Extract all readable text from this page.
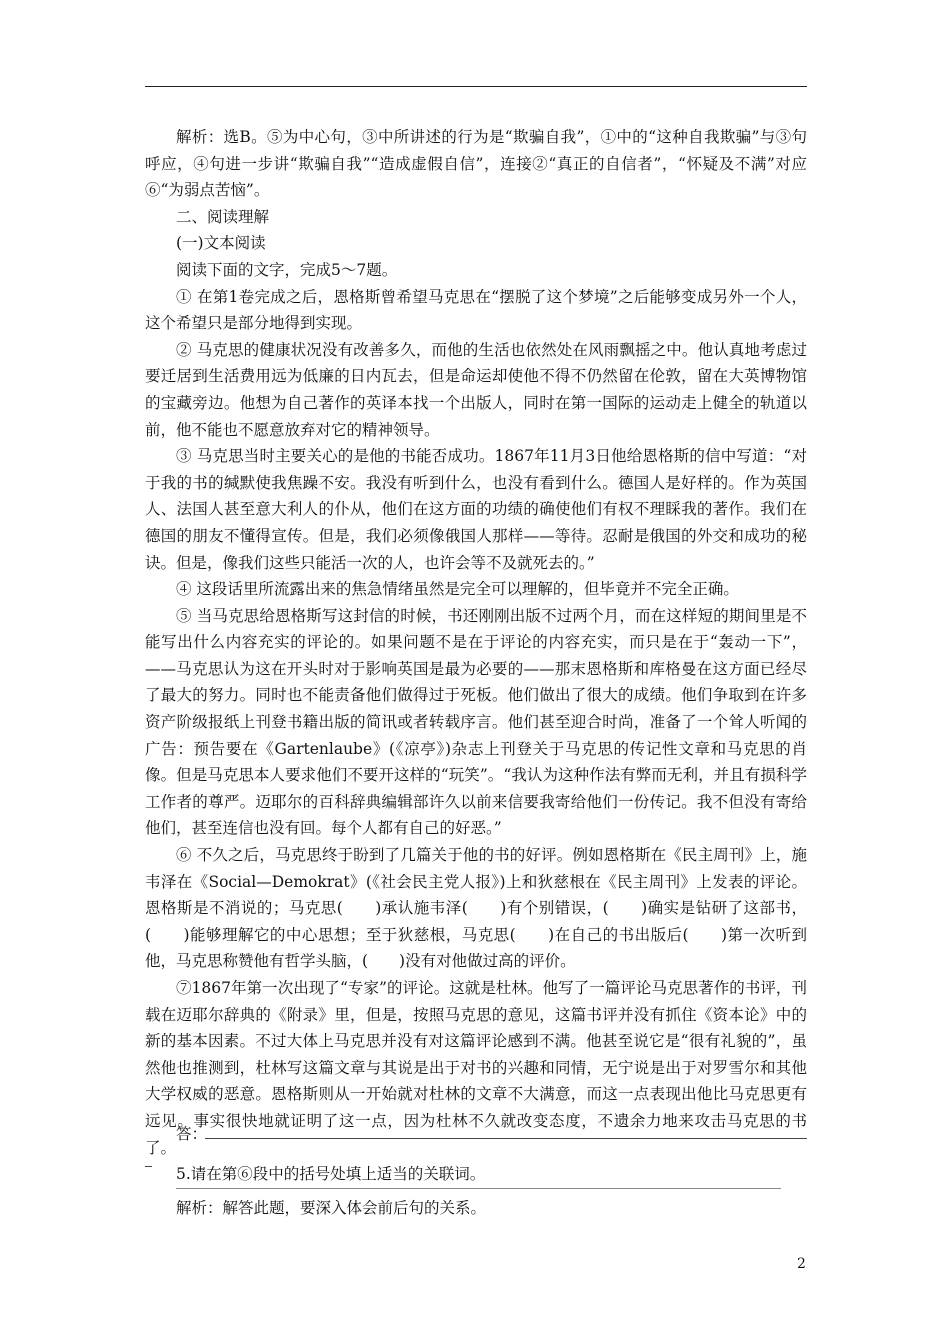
解析：选B。⑤为中心句，③中所讲述的行为是“欺骗自我”，①中的“这种自我欺骗”与③句呼应，④句进一步讲“欺骗自我”“造成虚假自信”，连接②“真正的自信者”，“怀疑及不满”对应⑥“为弱点苦恼”。

二、阅读理解

(一)文本阅读

阅读下面的文字，完成5～7题。

① 在第1卷完成之后，恩格斯曾希望马克思在“摆脱了这个梦境”之后能够变成另外一个人，这个希望只是部分地得到实现。

② 马克思的健康状况没有改善多久，而他的生活也依然处在风雨飘摇之中。他认真地考虑过要迁居到生活费用远为低廉的日内瓦去，但是命运却使他不得不仍然留在伦敦，留在大英博物馆的宝藏旁边。他想为自己著作的英译本找一个出版人，同时在第一国际的运动走上健全的轨道以前，他不能也不愿意放弃对它的精神领导。

③ 马克思当时主要关心的是他的书能否成功。1867年11月3日他给恩格斯的信中写道：“对于我的书的缄默使我焦躁不安。我没有听到什么，也没有看到什么。德国人是好样的。作为英国人、法国人甚至意大利人的仆从，他们在这方面的功绩的确使他们有权不理睬我的著作。我们在德国的朋友不懂得宣传。但是，我们必须像俄国人那样——等待。忍耐是俄国的外交和成功的秘诀。但是，像我们这些只能活一次的人，也许会等不及就死去的。”

④ 这段话里所流露出来的焦急情绪虽然是完全可以理解的，但毕竟并不完全正确。

⑤ 当马克思给恩格斯写这封信的时候，书还刚刚出版不过两个月，而在这样短的期间里是不能写出什么内容充实的评论的。如果问题不是在于评论的内容充实，而只是在于“轰动一下”，——马克思认为这在开头时对于影响英国是最为必要的——那末恩格斯和库格曼在这方面已经尽了最大的努力。同时也不能责备他们做得过于死板。他们做出了很大的成绩。他们争取到在许多资产阶级报纸上刊登书籍出版的简讯或者转载序言。他们甚至迎合时尚，准备了一个耸人听闻的广告：预告要在《Gartenlaube》(《凉亭》)杂志上刊登关于马克思的传记性文章和马克思的肖像。但是马克思本人要求他们不要开这样的“玩笑”。“我认为这种作法有弊而无利，并且有损科学工作者的尊严。迈耶尔的百科辞典编辑部许久以前来信要我寄给他们一份传记。我不但没有寄给他们，甚至连信也没有回。每个人都有自己的好恶。”

⑥ 不久之后，马克思终于盼到了几篇关于他的书的好评。例如恩格斯在《民主周刊》上，施韦泽在《Social—Demokrat》(《社会民主党人报》)上和狄慈根在《民主周刊》上发表的评论。恩格斯是不消说的；马克思(　　)承认施韦泽(　　)有个别错误，(　　)确实是钻研了这部书，(　　)能够理解它的中心思想；至于狄慈根，马克思(　　)在自己的书出版后(　　)第一次听到他，马克思称赞他有哲学头脑，(　　)没有对他做过高的评价。

⑦1867年第一次出现了“专家”的评论。这就是杜林。他写了一篇评论马克思著作的书评，刊载在迈耶尔辞典的《附录》里，但是，按照马克思的意见，这篇书评并没有抓住《资本论》中的新的基本因素。不过大体上马克思并没有对这篇评论感到不满。他甚至说它是“很有礼貌的”，虽然他也推测到，杜林写这篇文章与其说是出于对书的兴趣和同情，无宁说是出于对罗雪尔和其他大学权威的恶意。恩格斯则从一开始就对杜林的文章不大满意，而这一点表现出他比马克思更有远见。事实很快地就证明了这一点，因为杜林不久就改变态度，不遗余力地来攻击马克思的书了。

5.请在第⑥段中的括号处填上适当的关联词。

答：
解析：解答此题，要深入体会前后句的关系。
2
